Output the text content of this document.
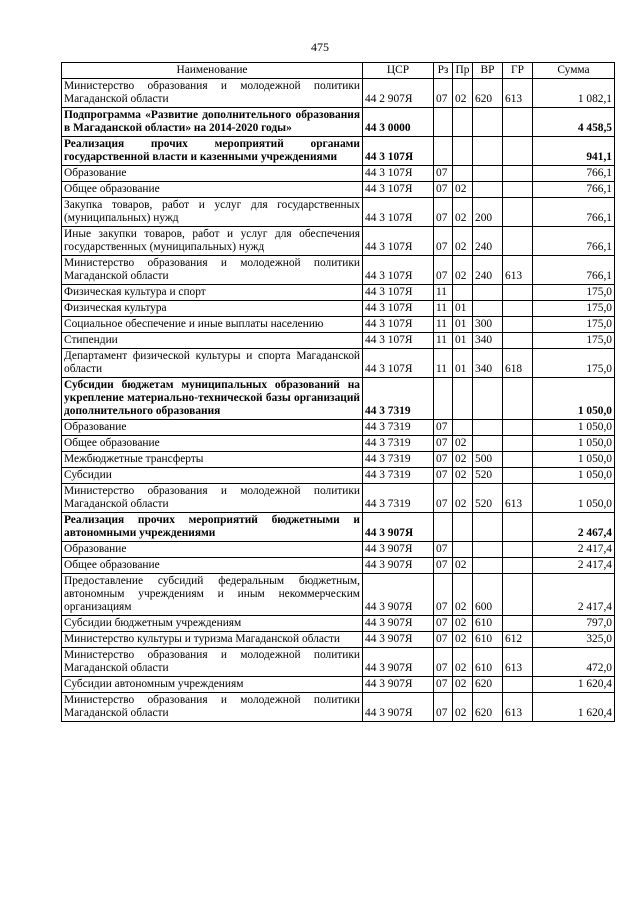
475
Наименование	ЦСР	Рз	Пр	ВР	ГР	Сумма
Министерство образования и молодежной политики Магаданской области	44 2 907Я	07	02	620	613	1 082,1
Подпрограмма «Развитие дополнительного образования в Магаданской области» на 2014-2020 годы»	44 3 0000					4 458,5
Реализация прочих мероприятий органами государственной власти и казенными учреждениями	44 3 107Я					941,1
Образование	44 3 107Я	07				766,1
Общее образование	44 3 107Я	07	02			766,1
Закупка товаров, работ и услуг для государственных (муниципальных) нужд	44 3 107Я	07	02	200		766,1
Иные закупки товаров, работ и услуг для обеспечения государственных (муниципальных) нужд	44 3 107Я	07	02	240		766,1
Министерство образования и молодежной политики Магаданской области	44 3 107Я	07	02	240	613	766,1
Физическая культура и спорт	44 3 107Я	11				175,0
Физическая культура	44 3 107Я	11	01			175,0
Социальное обеспечение и иные выплаты населению	44 3 107Я	11	01	300		175,0
Стипендии	44 3 107Я	11	01	340		175,0
Департамент физической культуры и спорта Магаданской области	44 3 107Я	11	01	340	618	175,0
Субсидии бюджетам муниципальных образований на укрепление материально-технической базы организаций дополнительного образования	44 3 7319					1 050,0
Образование	44 3 7319	07				1 050,0
Общее образование	44 3 7319	07	02			1 050,0
Межбюджетные трансферты	44 3 7319	07	02	500		1 050,0
Субсидии	44 3 7319	07	02	520		1 050,0
Министерство образования и молодежной политики Магаданской области	44 3 7319	07	02	520	613	1 050,0
Реализация прочих мероприятий бюджетными и автономными учреждениями	44 3 907Я					2 467,4
Образование	44 3 907Я	07				2 417,4
Общее образование	44 3 907Я	07	02			2 417,4
Предоставление субсидий федеральным бюджетным, автономным учреждениям и иным некоммерческим организациям	44 3 907Я	07	02	600		2 417,4
Субсидии бюджетным учреждениям	44 3 907Я	07	02	610		797,0
Министерство культуры и туризма Магаданской области	44 3 907Я	07	02	610	612	325,0
Министерство образования и молодежной политики Магаданской области	44 3 907Я	07	02	610	613	472,0
Субсидии автономным учреждениям	44 3 907Я	07	02	620		1 620,4
Министерство образования и молодежной политики Магаданской области	44 3 907Я	07	02	620	613	1 620,4
